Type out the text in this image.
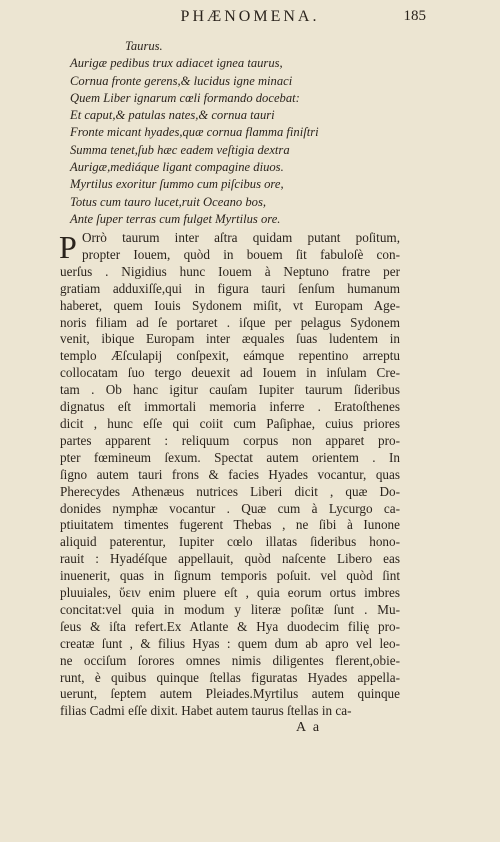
PHÆNOMENA.	185
Taurus.
Aurigæ pedibus trux adiacet ignea taurus,
Cornua fronte gerens,& lucidus igne minaci
Quem Liber ignarum cœli formando docebat:
Et caput,& patulas nates,& cornua tauri
Fronte micant hyades,quæ cornua flamma finiſtri
Summa tenet,ſub hæc eadem veſtigia dextra
Aurigæ,mediáque ligant compagine diuos.
Myrtilus exoritur ſummo cum piſcibus ore,
Totus cum tauro lucet,ruit Oceano bos,
Ante ſuper terras cum fulget Myrtilus ore.
P Orrò taurum inter aſtra quidam putant poſitum,
propter Iouem, quòd in bouem ſit fabuloſè con-
uerſus . Nigidius hunc Iouem à Neptuno fratre per
gratiam adduxiſſe,qui in figura tauri ſenſum humanum
haberet, quem Iouis Sydonem miſit, vt Europam Age-
noris filiam ad ſe portaret . iſque per pelagus Sydonem
venit, ibique Europam inter æquales ſuas ludentem in
templo Æſculapij conſpexit, eámque repentino arreptu
collocatam ſuo tergo deuexit ad Iouem in inſulam Cre-
tam . Ob hanc igitur cauſam Iupiter taurum ſideribus
dignatus eſt immortali memoria inferre . Eratoſthenes
dicit , hunc eſſe qui coiit cum Paſiphae, cuius priores
partes apparent : reliquum corpus non apparet pro-
pter fœmineum ſexum. Spectat autem orientem . In
ſigno autem tauri frons & facies Hyades vocantur, quas
Pherecydes Athenæus nutrices Liberi dicit , quæ Do-
donides nymphæ vocantur . Quæ cum à Lycurgo ca-
ptiuitatem timentes fugerent Thebas , ne ſibi à Iunone
aliquid paterentur, Iupiter cœlo illatas ſideribus hono-
rauit : Hyadéſque appellauit, quòd naſcente Libero eas
inuenerit, quas in ſignum temporis poſuit. vel quòd ſint
pluuiales, ὕειν enim pluere eſt , quia eorum ortus imbres
concitat:vel quia in modum y literæ poſitæ ſunt . Mu-
ſeus & iſta refert.Ex Atlante & Hya duodecim filię pro-
creatæ ſunt , & filius Hyas : quem dum ab apro vel leo-
ne occiſum ſorores omnes nimis diligentes flerent,obie-
runt, è quibus quinque ſtellas figuratas Hyades appella-
uerunt, ſeptem autem Pleiades.Myrtilus autem quinque
filias Cadmi eſſe dixit. Habet autem taurus ſtellas in ca-
A a
